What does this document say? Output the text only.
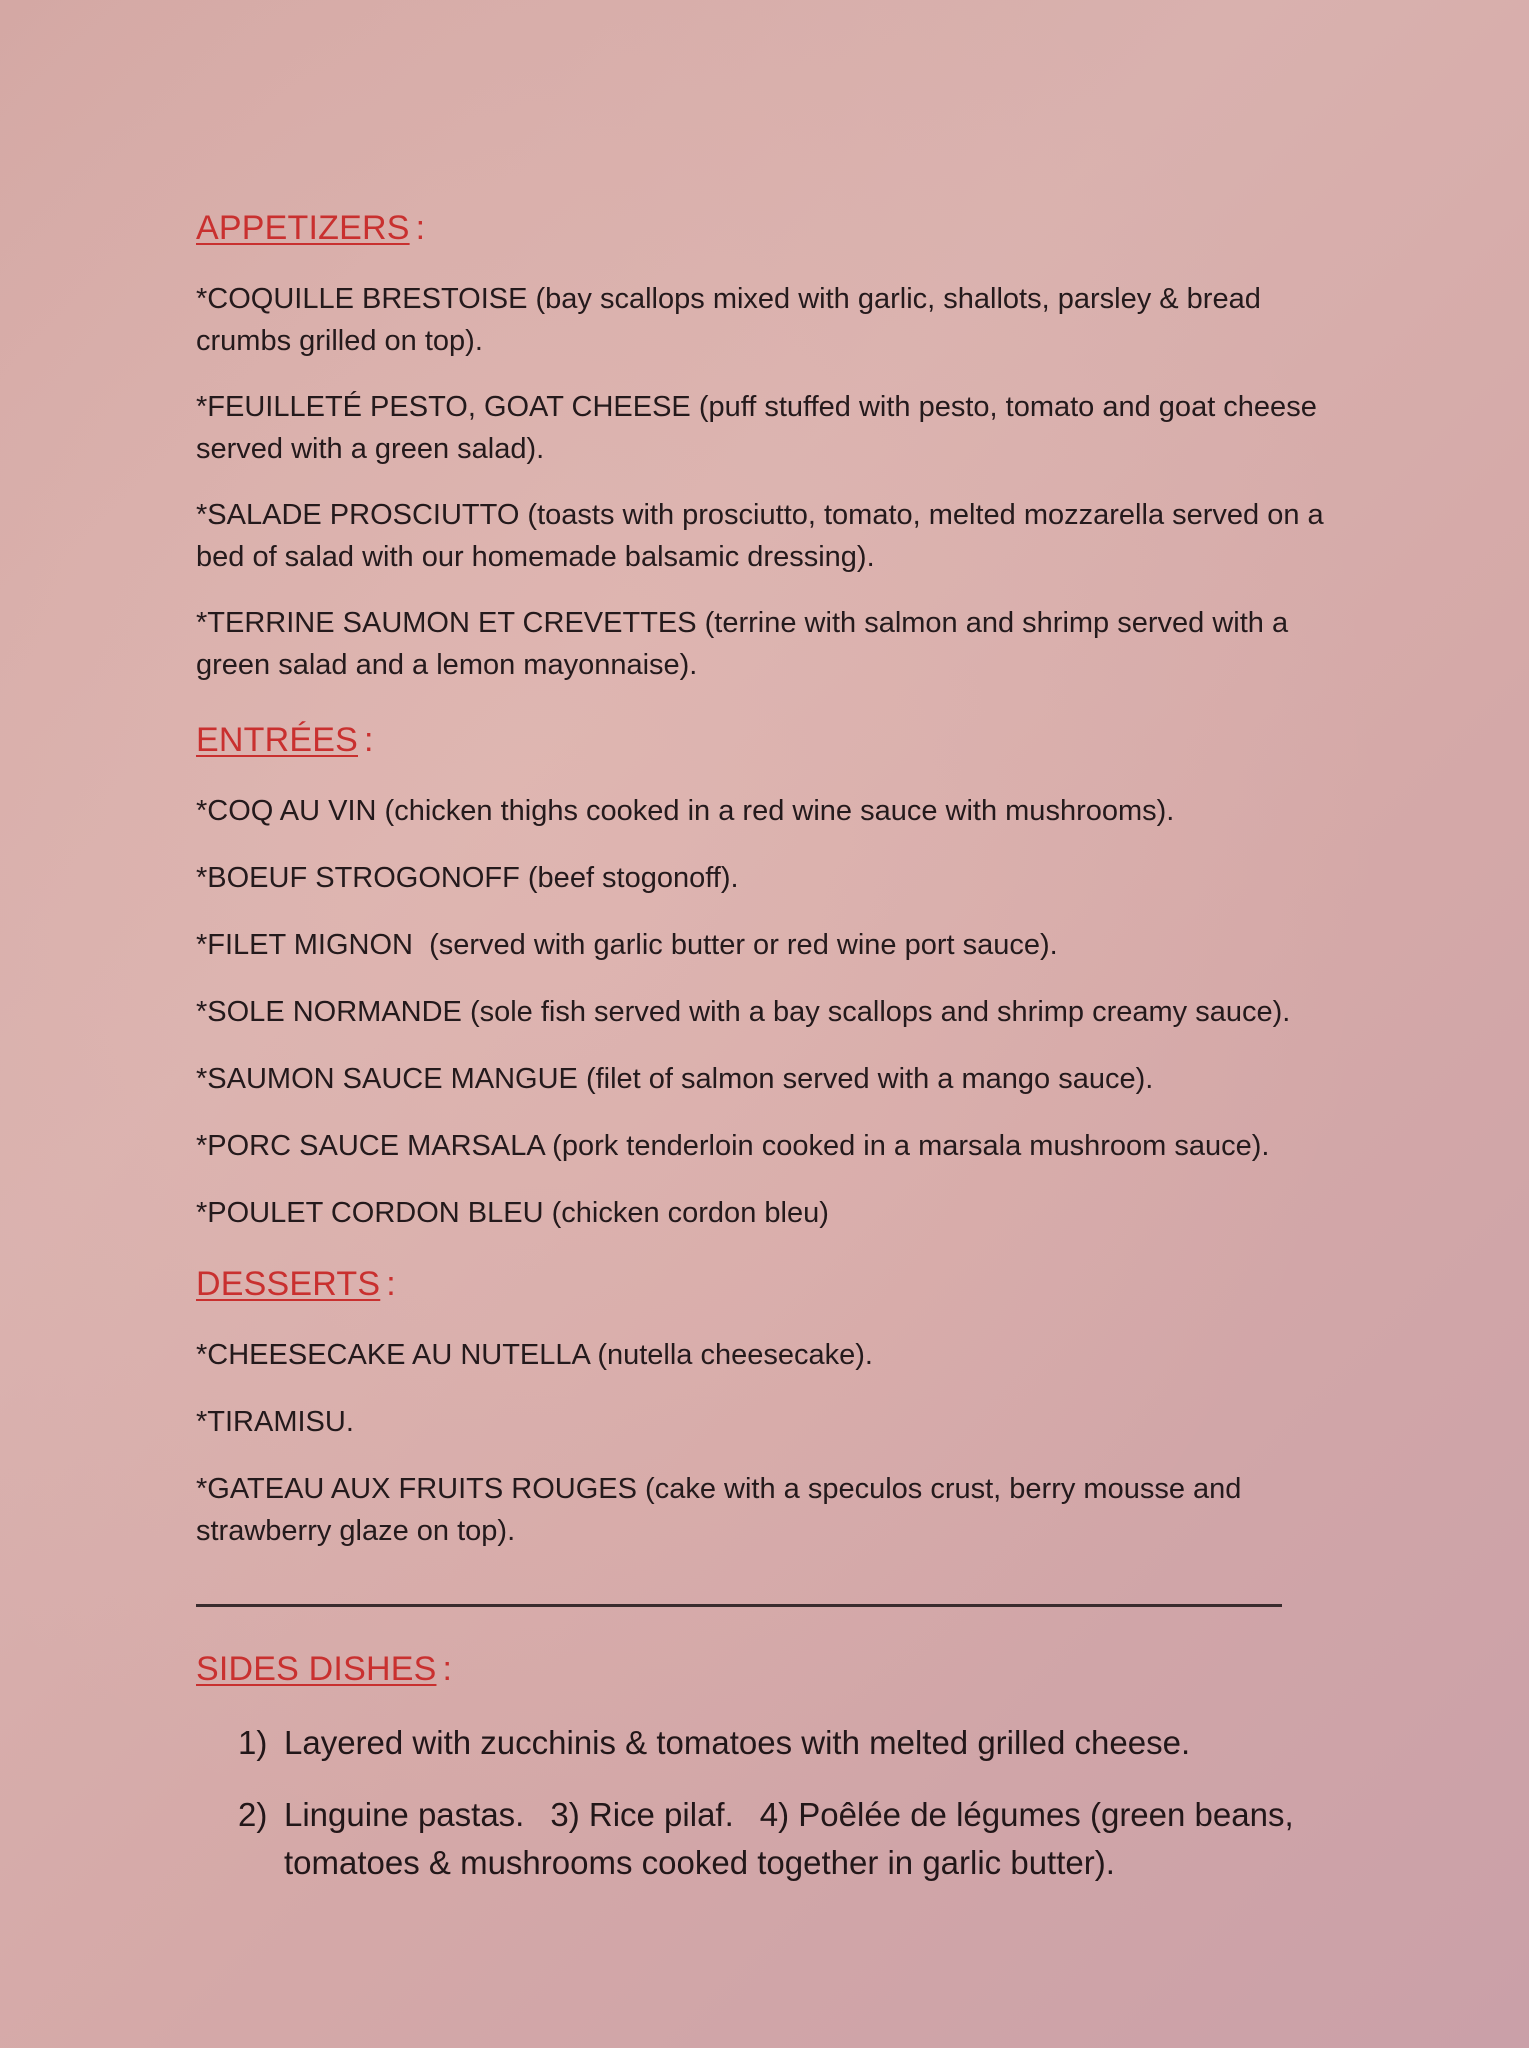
APPETIZERS :

*COQUILLE BRESTOISE (bay scallops mixed with garlic, shallots, parsley & bread crumbs grilled on top).

*FEUILLETÉ PESTO, GOAT CHEESE (puff stuffed with pesto, tomato and goat cheese served with a green salad).

*SALADE PROSCIUTTO (toasts with prosciutto, tomato, melted mozzarella served on a bed of salad with our homemade balsamic dressing).

*TERRINE SAUMON ET CREVETTES (terrine with salmon and shrimp served with a green salad and a lemon mayonnaise).

ENTRÉES :

*COQ AU VIN (chicken thighs cooked in a red wine sauce with mushrooms).

*BOEUF STROGONOFF (beef stogonoff).

*FILET MIGNON  (served with garlic butter or red wine port sauce).

*SOLE NORMANDE (sole fish served with a bay scallops and shrimp creamy sauce).

*SAUMON SAUCE MANGUE (filet of salmon served with a mango sauce).

*PORC SAUCE MARSALA (pork tenderloin cooked in a marsala mushroom sauce).

*POULET CORDON BLEU (chicken cordon bleu)

DESSERTS :

*CHEESECAKE AU NUTELLA (nutella cheesecake).

*TIRAMISU.

*GATEAU AUX FRUITS ROUGES (cake with a speculos crust, berry mousse and strawberry glaze on top).

SIDES DISHES :
1) Layered with zucchinis & tomatoes with melted grilled cheese.
2) Linguine pastas. 3) Rice pilaf. 4) Poêlée de légumes (green beans, tomatoes & mushrooms cooked together in garlic butter).
